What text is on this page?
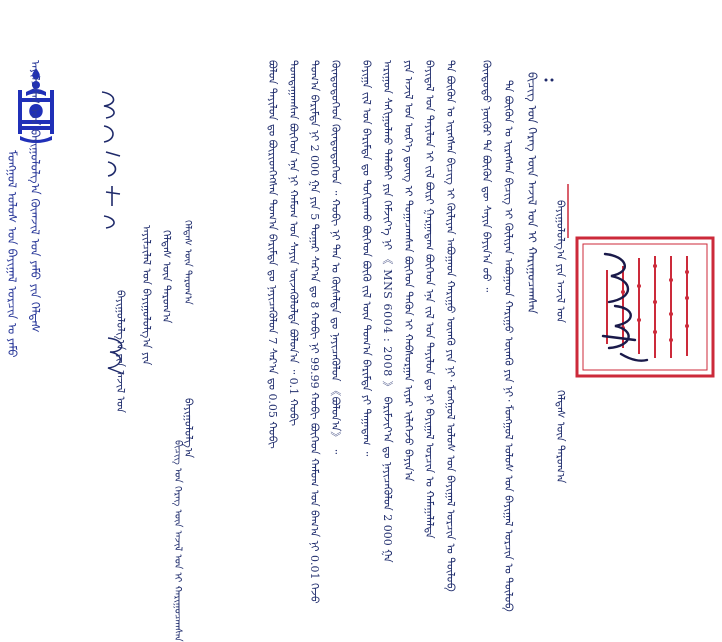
ᠮᠣᠩᠭᠣᠯ ᠤᠯᠤᠰ ᠤᠨ ᠪᠠᠶᠢᠭᠠᠯ ᠣᠷᠴᠢᠨ ᠤ ᠶᠠᠮᠤ ᠠᠶᠢᠯᠴᠢᠯᠠᠯ ᠤᠨ ᠪᠠᠶᠢᠭᠤᠯᠤᠯᠭ᠎ᠠ ᠬᠥᠭ᠍ᠵᠢᠯ ᠤᠨ ᠶᠠᠮᠤ ᠶᠢᠨ ᠬᠡᠯᠲᠡᠰ
ᠪᠠᠶᠢᠭᠤᠯᠤᠯᠭ᠎ᠠ ᠶᠢᠨ ᠠᠵᠢᠯ ᠤᠨ	ᠠᠶᠢᠯᠴᠢᠯᠠᠯ ᠤᠨ ᠪᠠᠶᠢᠭᠤᠯᠤᠯᠭ᠎ᠠ ᠶᠢᠨ ᠬᠡᠯᠲᠡᠰ ᠦᠨ ᠳᠠᠷᠤᠭ᠎ᠠ
ᠪᠠᠶᠢᠭᠤᠯᠤᠯᠭ᠎ᠠ
ᠬᠡᠯᠲᠡᠰ ᠦᠨ ᠳᠠᠷᠤᠭ᠎ᠠ
ᠪᠢᠴᠢᠭ ᠤᠨ ᠬᠡᠷᠡᠭ ᠦᠨ ᠠᠵᠢᠯ ᠤᠨ ᠢ ᠬᠠᠷᠢᠭᠤᠴᠠᠭᠰᠠᠨ
ᠪᠣᠯᠤᠨ ᠲᠠᠶᠢᠯᠤᠨ ᠳᠤ ᠪᠦᠷᠢᠳᠬᠡᠭᠰᠡᠨ ᠲᠣᠭ᠎ᠠ ᠪᠠᠷᠢᠮᠲᠠ ᠳᠤ ᠨᠡᠶᠢᠴᠡᠭᠦᠯᠦᠨ 7 ᠰᠠᠷ᠎ᠠ ᠳᠤ 0.05 ᠬᠤᠪᠢ ᠲᠣᠭᠲᠠᠭᠠᠭᠰᠠᠨ ᠪᠥᠭᠡᠳ ᠡᠨᠡ ᠨᠢ ᠬᠠᠮᠤᠭ ᠤᠨ ᠰᠠᠶᠢᠨ ᠦᠵᠡᠭᠦᠯᠦᠯᠲᠡ ᠪᠣᠯᠤᠨ᠎ᠠ ᠃ 0.1 ᠬᠤᠪᠢ ᠲᠣᠭ᠎ᠠ ᠪᠠᠷᠢᠮᠲᠠ ᠨᠢ 2 000 ᠭᠠ ᠶᠢᠨ 5 ᠳᠤᠭᠠᠷ ᠰᠠᠷ᠎ᠠ ᠳᠤ 8 ᠬᠤᠪᠢ ᠨᠢ 99.99 ᠬᠤᠪᠢ ᠪᠥᠭᠡᠳ ᠬᠠᠮᠤᠭ ᠤᠨ ᠪᠠᠭ᠎ᠠ ᠨᠢ 0.01 ᠭᠡᠵᠦ ᠬᠦᠨᠳᠦᠲᠦᠭᠡᠳ ᠬᠦᠨᠳᠦᠲᠦᠭᠡᠳ ᠃ ᠬᠤᠪᠢ ᠨᠢ ᠲᠠᠨ ᠤ ᠬᠦᠰᠡᠯᠲᠡ ᠳᠤ ᠨᠡᠶᠢᠴᠡᠭᠦᠯᠦᠨ 《ᠪᠣᠯᠤᠨ᠎ᠠ》 ᠃	ᠪᠠᠶᠢᠭᠠ ᠵᠢᠯ ᠤᠨ ᠪᠠᠷᠢᠮᠲᠠ ᠳᠤ ᠲᠣᠬᠢᠷᠠᠬᠤ ᠪᠥᠭᠡᠳ ᠪᠦᠬᠦ ᠵᠢᠯ ᠦᠨ ᠲᠣᠭ᠎ᠠ ᠪᠠᠷᠢᠮᠲᠠ ᠶᠢ ᠳᠠᠭᠠᠳᠠᠭ ᠃ ᠠᠷᠢᠭᠤᠨ ᠰᠠᠬᠢᠭᠤᠯᠬᠤ ᠲᠠᠯᠠᠪᠠᠢ ᠶᠢᠨ ᠬᠡᠮᠵᠢᠶ᠎ᠡ ᠨᠢ 《 MNS 6004 : 2008 》 ᠪᠠᠷᠢᠮᠵᠢᠶ᠎ᠠ ᠳᠤ ᠨᠡᠶᠢᠴᠡᠭᠦᠯᠦᠨ 2 000 ᠭᠠ ᠶᠢᠨ ᠠᠵᠢᠯ ᠤᠨ ᠦᠷ᠎ᠡ ᠳ᠋ᠦᠩ ᠢ ᠲᠣᠭᠠᠴᠠᠭᠰᠠᠨ ᠪᠥᠭᠡᠳ ᠲᠡᠭᠦᠨ ᠢ ᠬᠠᠪᠰᠤᠷᠭᠠᠨ ᠢᠶᠠᠷ ᠢᠯᠡᠭᠡᠵᠦ ᠪᠠᠶᠢᠨ᠎ᠠ ᠪᠠᠶᠢᠳᠠᠯ ᠤᠨ ᠲᠠᠶᠢᠯᠤᠨ ᠢ ᠵᠢᠯ ᠪᠦᠷᠢ ᠭᠠᠷᠭᠠᠳᠠᠭ ᠪᠥᠭᠡᠳ ᠡᠨᠡ ᠵᠢᠯ ᠤᠨ ᠲᠠᠶᠢᠯᠤᠨ ᠳᠤ ᠨᠢ ᠪᠠᠶᠢᠭᠠᠯ ᠣᠷᠴᠢᠨ ᠤ ᠬᠠᠮᠠᠭᠠᠯᠠᠯᠲᠠ ᠲᠠ ᠪᠦᠬᠦᠨ ᠤ ᠢᠷᠡᠭᠰᠡᠨ ᠪᠢᠴᠢᠭ ᠢ ᠬᠦᠯᠢᠶᠡᠨ ᠠᠪᠤᠭᠠᠳ ᠬᠠᠷᠢᠭᠤ ᠥᠭ᠍ᠬᠦ ᠶᠢᠨ ᠨᠢ᠂ ᠮᠣᠩᠭᠣᠯ ᠤᠯᠤᠰ ᠤᠨ ᠪᠠᠶᠢᠭᠠᠯ ᠣᠷᠴᠢᠨ ᠤ ᠲᠥᠯᠥᠪ	ᠬᠦᠨᠳᠦᠲᠦ ᠨᠥᠬᠦᠷ ᠲᠠ ᠪᠦᠬᠦᠨ ᠳᠦ ᠰᠠᠶᠢᠨ ᠪᠠᠶᠢᠨ᠎ᠠ ᠤᠤ ᠃ ᠲᠠ ᠪᠦᠬᠦᠨ ᠤ ᠢᠷᠡᠭᠰᠡᠨ ᠪᠢᠴᠢᠭ ᠢ ᠬᠦᠯᠢᠶᠡᠨ ᠠᠪᠤᠭᠠᠳ ᠬᠠᠷᠢᠭᠤ ᠥᠭ᠍ᠬᠦ ᠶᠢᠨ ᠨᠢ᠂ ᠮᠣᠩᠭᠣᠯ ᠤᠯᠤᠰ ᠤᠨ ᠪᠠᠶᠢᠭᠠᠯ ᠣᠷᠴᠢᠨ ᠤ ᠲᠥᠯᠥᠪ ᠪᠢᠴᠢᠭ ᠤᠨ ᠬᠡᠷᠡᠭ ᠦᠨ ᠠᠵᠢᠯ ᠤᠨ ᠢ ᠬᠠᠷᠢᠭᠤᠴᠠᠭᠰᠠᠨ	ᠪᠠᠶᠢᠭᠤᠯᠤᠯᠭ᠎ᠠ ᠶᠢᠨ ᠠᠵᠢᠯ ᠤᠨ
ᠬᠡᠯᠲᠡᠰ ᠦᠨ ᠳᠠᠷᠤᠭ᠎ᠠ
